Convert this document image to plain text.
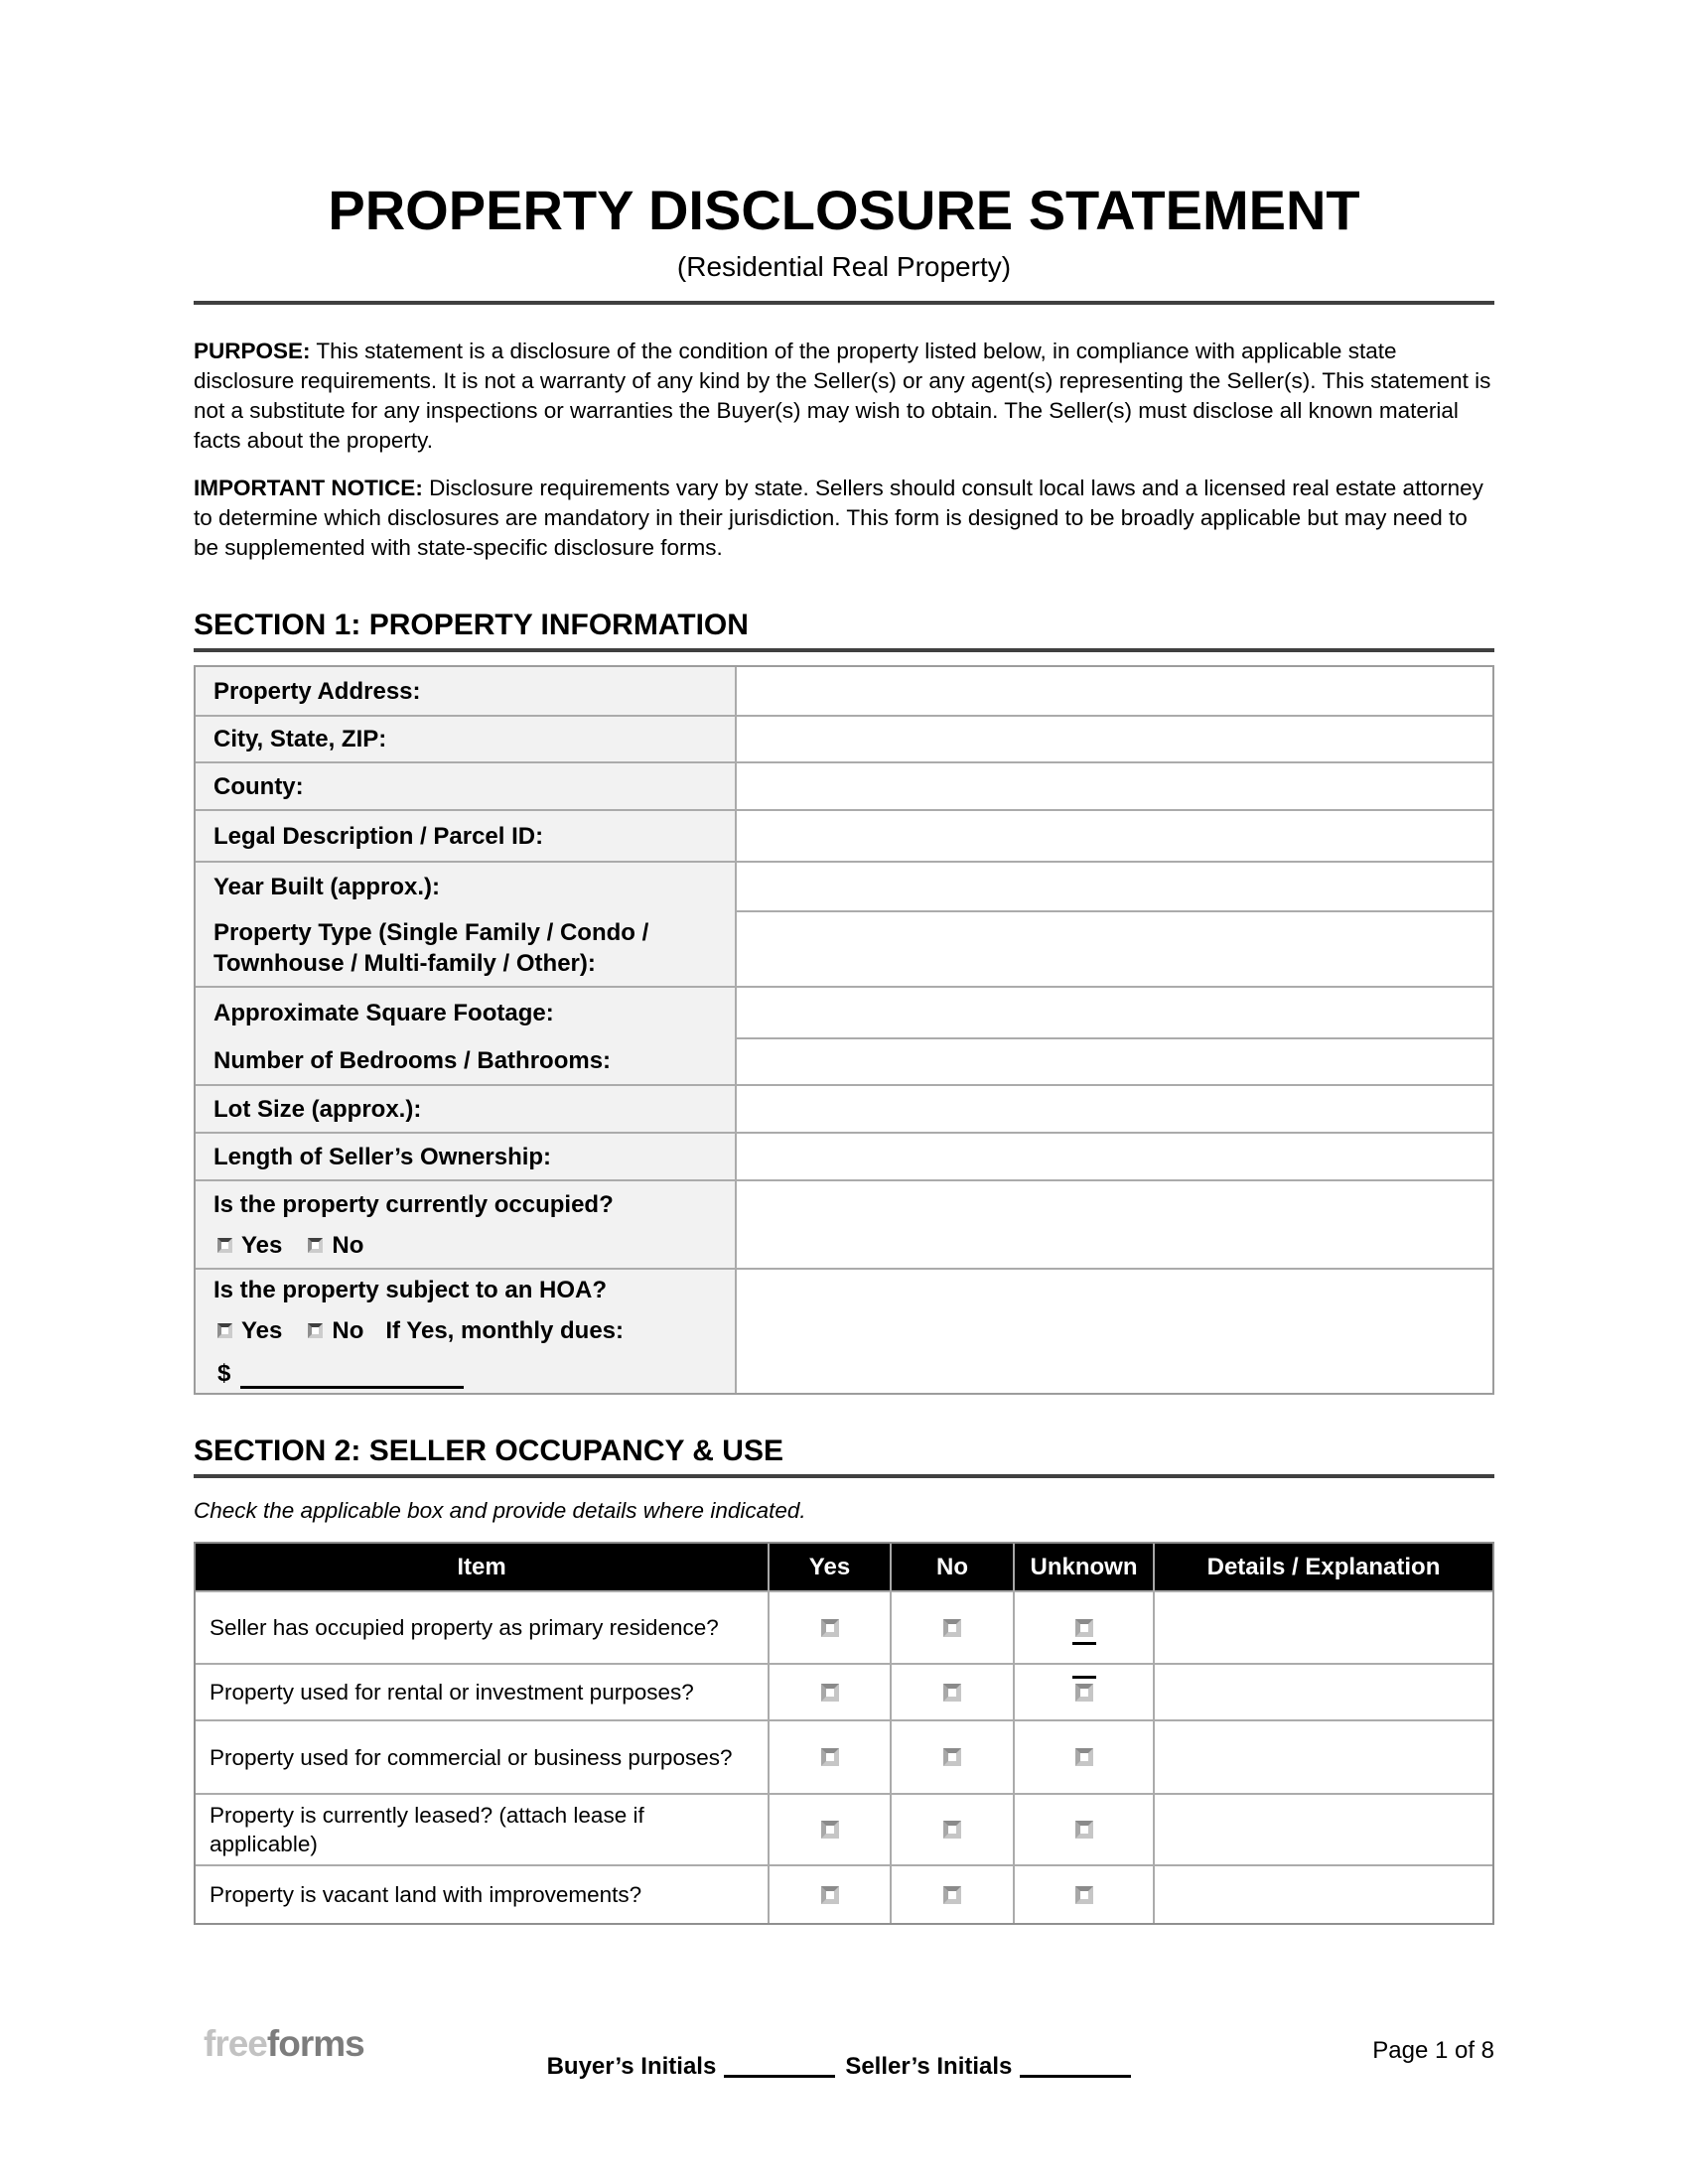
PROPERTY DISCLOSURE STATEMENT
(Residential Real Property)

PURPOSE: This statement is a disclosure of the condition of the property listed below, in compliance with applicable state disclosure requirements. It is not a warranty of any kind by the Seller(s) or any agent(s) representing the Seller(s). This statement is not a substitute for any inspections or warranties the Buyer(s) may wish to obtain. The Seller(s) must disclose all known material facts about the property.

IMPORTANT NOTICE: Disclosure requirements vary by state. Sellers should consult local laws and a licensed real estate attorney to determine which disclosures are mandatory in their jurisdiction. This form is designed to be broadly applicable but may need to be supplemented with state-specific disclosure forms.

SECTION 1: PROPERTY INFORMATION
Property Address:
City, State, ZIP:
County:
Legal Description / Parcel ID:
Year Built (approx.):
Property Type (Single Family / Condo / Townhouse / Multi-family / Other):
Approximate Square Footage:
Number of Bedrooms / Bathrooms:
Lot Size (approx.):
Length of Seller’s Ownership:
Is the property currently occupied?
Yes No
Is the property subject to an HOA?
Yes No If Yes, monthly dues:
$
SECTION 2: SELLER OCCUPANCY & USE
Check the applicable box and provide details where indicated.
Item	Yes	No	Unknown	Details / Explanation
Seller has occupied property as primary residence?
Property used for rental or investment purposes?
Property used for commercial or business purposes?
Property is currently leased? (attach lease if applicable)
Property is vacant land with improvements?
freeforms
Buyer’s Initials	Seller’s Initials
Page 1 of 8
